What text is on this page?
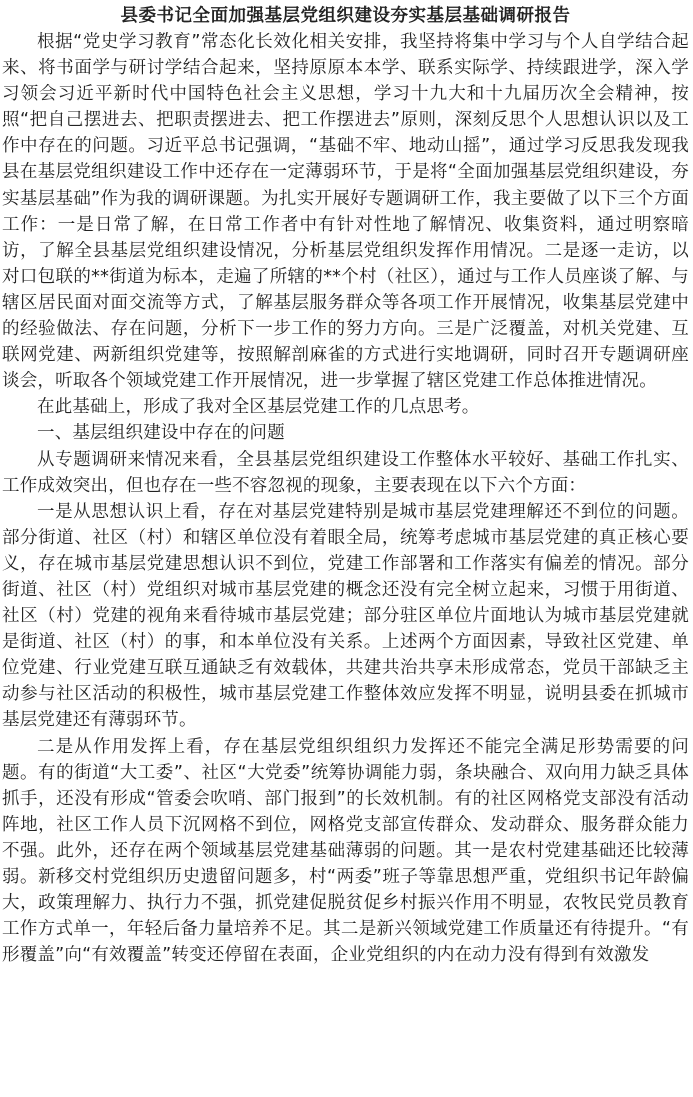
县委书记全面加强基层党组织建设夯实基层基础调研报告

根据“党史学习教育”常态化长效化相关安排，我坚持将集中学习与个人自学结合起来、将书面学与研讨学结合起来，坚持原原本本学、联系实际学、持续跟进学，深入学习领会习近平新时代中国特色社会主义思想，学习十九大和十九届历次全会精神，按照“把自己摆进去、把职责摆进去、把工作摆进去”原则，深刻反思个人思想认识以及工作中存在的问题。习近平总书记强调，“基础不牢、地动山摇”，通过学习反思我发现我县在基层党组织建设工作中还存在一定薄弱环节，于是将“全面加强基层党组织建设，夯实基层基础”作为我的调研课题。为扎实开展好专题调研工作，我主要做了以下三个方面工作：一是日常了解，在日常工作者中有针对性地了解情况、收集资料，通过明察暗访，了解全县基层党组织建设情况，分析基层党组织发挥作用情况。二是逐一走访，以对口包联的**街道为标本，走遍了所辖的**个村（社区），通过与工作人员座谈了解、与辖区居民面对面交流等方式，了解基层服务群众等各项工作开展情况，收集基层党建中的经验做法、存在问题，分析下一步工作的努力方向。三是广泛覆盖，对机关党建、互联网党建、两新组织党建等，按照解剖麻雀的方式进行实地调研，同时召开专题调研座谈会，听取各个领域党建工作开展情况，进一步掌握了辖区党建工作总体推进情况。

在此基础上，形成了我对全区基层党建工作的几点思考。

一、基层组织建设中存在的问题

从专题调研来情况来看，全县基层党组织建设工作整体水平较好、基础工作扎实、工作成效突出，但也存在一些不容忽视的现象，主要表现在以下六个方面：

一是从思想认识上看，存在对基层党建特别是城市基层党建理解还不到位的问题。部分街道、社区（村）和辖区单位没有着眼全局，统筹考虑城市基层党建的真正核心要义，存在城市基层党建思想认识不到位，党建工作部署和工作落实有偏差的情况。部分街道、社区（村）党组织对城市基层党建的概念还没有完全树立起来，习惯于用街道、社区（村）党建的视角来看待城市基层党建；部分驻区单位片面地认为城市基层党建就是街道、社区（村）的事，和本单位没有关系。上述两个方面因素，导致社区党建、单位党建、行业党建互联互通缺乏有效载体，共建共治共享未形成常态，党员干部缺乏主动参与社区活动的积极性，城市基层党建工作整体效应发挥不明显，说明县委在抓城市基层党建还有薄弱环节。

二是从作用发挥上看，存在基层党组织组织力发挥还不能完全满足形势需要的问题。有的街道“大工委”、社区“大党委”统筹协调能力弱，条块融合、双向用力缺乏具体抓手，还没有形成“管委会吹哨、部门报到”的长效机制。有的社区网格党支部没有活动阵地，社区工作人员下沉网格不到位，网格党支部宣传群众、发动群众、服务群众能力不强。此外，还存在两个领域基层党建基础薄弱的问题。其一是农村党建基础还比较薄弱。新移交村党组织历史遗留问题多，村“两委”班子等靠思想严重，党组织书记年龄偏大，政策理解力、执行力不强，抓党建促脱贫促乡村振兴作用不明显，农牧民党员教育工作方式单一，年轻后备力量培养不足。其二是新兴领域党建工作质量还有待提升。“有形覆盖”向“有效覆盖”转变还停留在表面，企业党组织的内在动力没有得到有效激发
